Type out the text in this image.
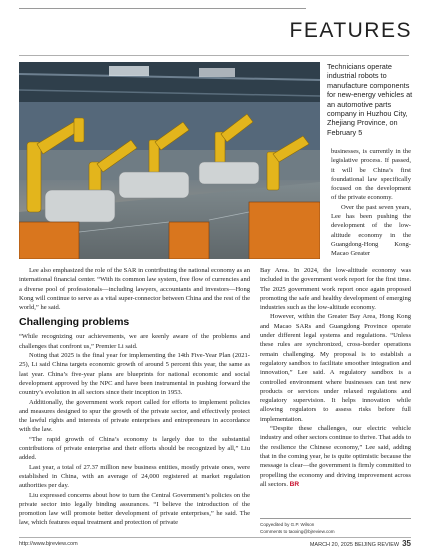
FEATURES

Technicians operate industrial robots to manufacture components for new-energy vehicles at an automotive parts company in Huzhou City, Zhejiang Province, on February 5

businesses, is currently in the legislative process. If passed, it will be China’s first foundational law specifically focused on the development of the private economy.

Over the past seven years, Lee has been pushing the development of the low-altitude economy in the Guangdong-Hong Kong-Macao Greater

Lee also emphasized the role of the SAR in contributing the national economy as an international financial center. “With its common law system, free flow of currencies and a diverse pool of professionals—including lawyers, accountants and investors—Hong Kong will continue to serve as a vital super-connector between China and the rest of the world,” he said.

Challenging problems

“While recognizing our achievements, we are keenly aware of the problems and challenges that confront us,” Premier Li said.

Noting that 2025 is the final year for implementing the 14th Five-Year Plan (2021-25), Li said China targets economic growth of around 5 percent this year, the same as last year. China’s five-year plans are blueprints for national economic and social development approved by the NPC and have been instrumental in pushing forward the country’s evolution in all sectors since their inception in 1953.

Additionally, the government work report called for efforts to implement policies and measures designed to spur the growth of the private sector, and effectively protect the lawful rights and interests of private enterprises and entrepreneurs in accordance with the law.

“The rapid growth of China’s economy is largely due to the substantial contributions of private enterprise and their efforts should be recognized by all,” Liu added.

Last year, a total of 27.37 million new business entities, mostly private ones, were established in China, with an average of 24,000 registered at market regulation authorities per day.

Liu expressed concerns about how to turn the Central Government’s policies on the private sector into legally binding assurances. “I believe the introduction of the promotion law will promote better development of private enterprises,” he said. The law, which features equal treatment and protection of private

Bay Area. In 2024, the low-altitude economy was included in the government work report for the first time. The 2025 government work report once again proposed promoting the safe and healthy development of emerging industries such as the low-altitude economy.

However, within the Greater Bay Area, Hong Kong and Macao SARs and Guangdong Province operate under different legal systems and regulations. “Unless these rules are synchronized, cross-border operations remain challenging. My proposal is to establish a regulatory sandbox to facilitate smoother integration and innovation,” Lee said. A regulatory sandbox is a controlled environment where businesses can test new products or services under relaxed regulations and regulatory supervision. It helps innovation while allowing regulators to assess risks before full implementation.

“Despite these challenges, our electric vehicle industry and other sectors continue to thrive. That adds to the resilience the Chinese economy,” Lee said, adding that in the coming year, he is quite optimistic because the message is clear—the government is firmly committed to propelling the economy and driving improvement across all sectors. BR

Copyedited by G.P. Wilson
Comments to taoxing@bjreview.com
http://www.bjreview.com	MARCH 20, 2025 BEIJING REVIEW 35
